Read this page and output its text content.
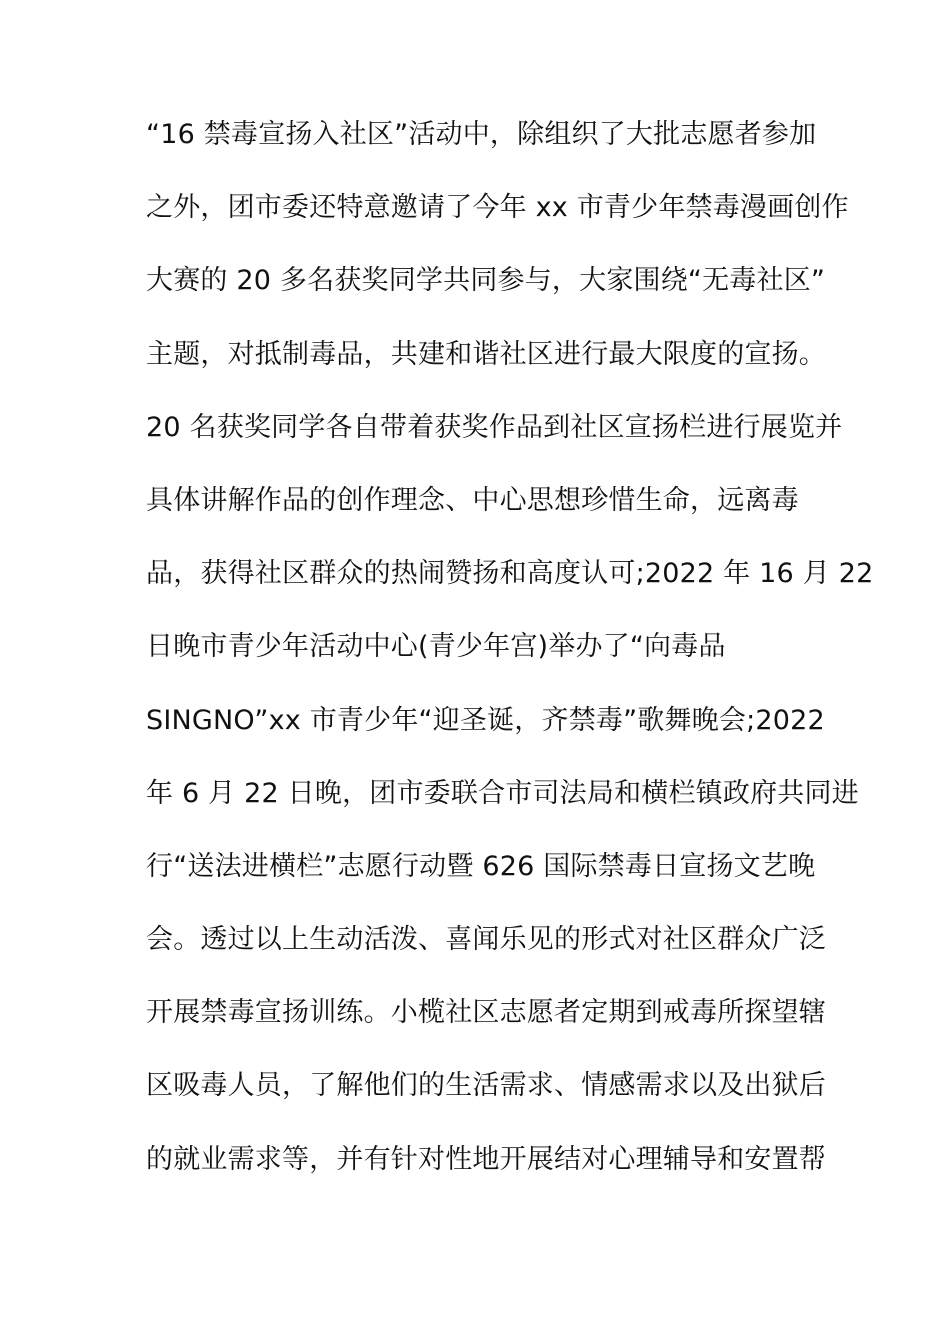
“16 禁毒宣扬入社区”活动中，除组织了大批志愿者参加
之外，团市委还特意邀请了今年 xx 市青少年禁毒漫画创作
大赛的 20 多名获奖同学共同参与，大家围绕“无毒社区”
主题，对抵制毒品，共建和谐社区进行最大限度的宣扬。
20 名获奖同学各自带着获奖作品到社区宣扬栏进行展览并
具体讲解作品的创作理念、中心思想珍惜生命，远离毒
品，获得社区群众的热闹赞扬和高度认可;2022 年 16 月 22
日晚市青少年活动中心(青少年宫)举办了“向毒品
SINGNO”xx 市青少年“迎圣诞，齐禁毒”歌舞晚会;2022
年 6 月 22 日晚，团市委联合市司法局和横栏镇政府共同进
行“送法进横栏”志愿行动暨 626 国际禁毒日宣扬文艺晚
会。透过以上生动活泼、喜闻乐见的形式对社区群众广泛
开展禁毒宣扬训练。小榄社区志愿者定期到戒毒所探望辖
区吸毒人员，了解他们的生活需求、情感需求以及出狱后
的就业需求等，并有针对性地开展结对心理辅导和安置帮
